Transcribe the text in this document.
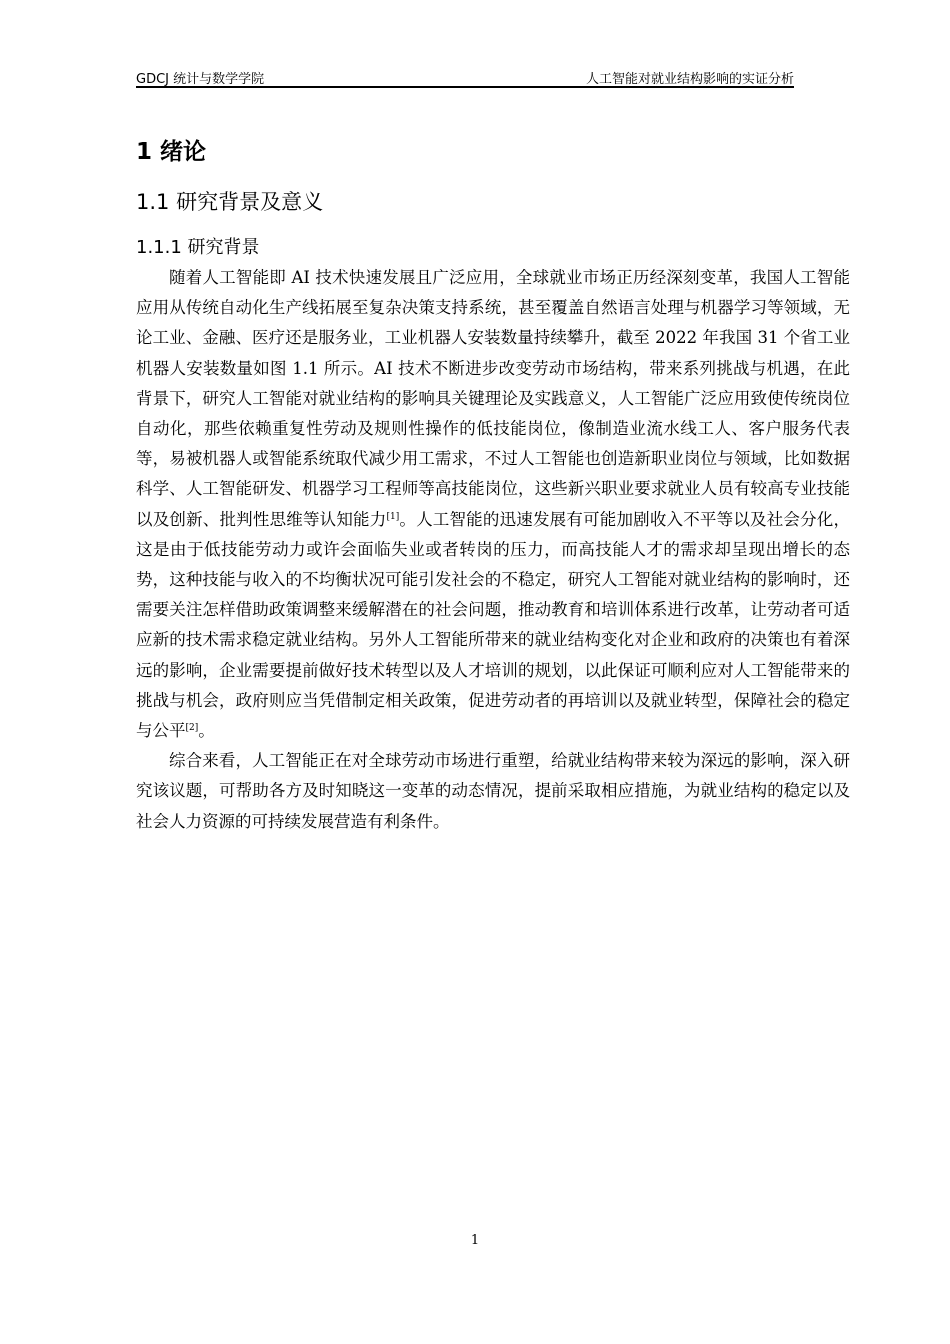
GDCJ 统计与数学学院	人工智能对就业结构影响的实证分析
1 绪论
1.1 研究背景及意义
1.1.1 研究背景

随着人工智能即 AI 技术快速发展且广泛应用，全球就业市场正历经深刻变革，我国人工智能应用从传统自动化生产线拓展至复杂决策支持系统，甚至覆盖自然语言处理与机器学习等领域，无论工业、金融、医疗还是服务业，工业机器人安装数量持续攀升，截至 2022 年我国 31 个省工业机器人安装数量如图 1.1 所示。AI 技术不断进步改变劳动市场结构，带来系列挑战与机遇，在此背景下，研究人工智能对就业结构的影响具关键理论及实践意义，人工智能广泛应用致使传统岗位自动化，那些依赖重复性劳动及规则性操作的低技能岗位，像制造业流水线工人、客户服务代表等，易被机器人或智能系统取代减少用工需求，不过人工智能也创造新职业岗位与领域，比如数据科学、人工智能研发、机器学习工程师等高技能岗位，这些新兴职业要求就业人员有较高专业技能以及创新、批判性思维等认知能力[1]。人工智能的迅速发展有可能加剧收入不平等以及社会分化，这是由于低技能劳动力或许会面临失业或者转岗的压力，而高技能人才的需求却呈现出增长的态势，这种技能与收入的不均衡状况可能引发社会的不稳定，研究人工智能对就业结构的影响时，还需要关注怎样借助政策调整来缓解潜在的社会问题，推动教育和培训体系进行改革，让劳动者可适应新的技术需求稳定就业结构。另外人工智能所带来的就业结构变化对企业和政府的决策也有着深远的影响，企业需要提前做好技术转型以及人才培训的规划，以此保证可顺利应对人工智能带来的挑战与机会，政府则应当凭借制定相关政策，促进劳动者的再培训以及就业转型，保障社会的稳定与公平[2]。

综合来看，人工智能正在对全球劳动市场进行重塑，给就业结构带来较为深远的影响，深入研究该议题，可帮助各方及时知晓这一变革的动态情况，提前采取相应措施，为就业结构的稳定以及社会人力资源的可持续发展营造有利条件。

1
